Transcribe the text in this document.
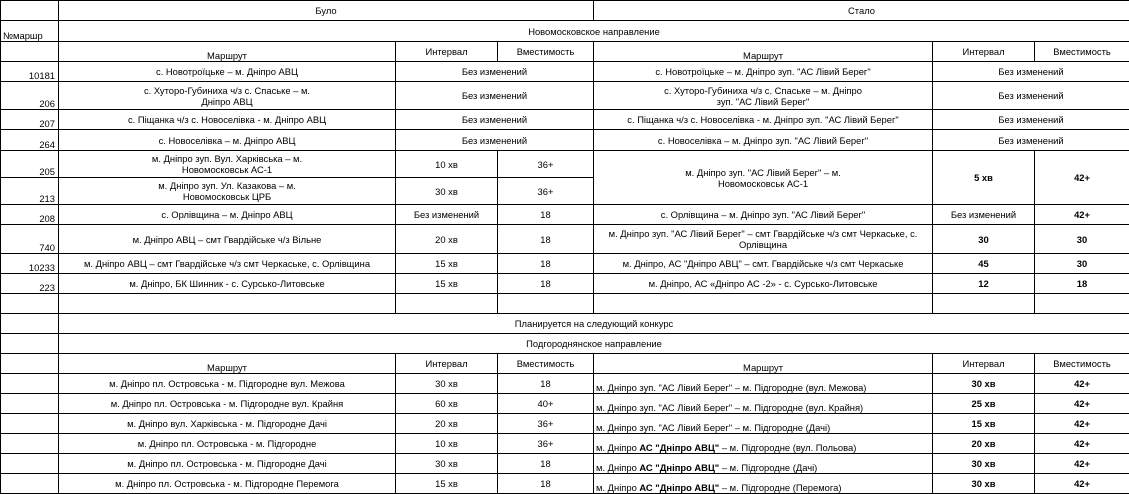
	Було			Стало		
№маршр	Новомосковское направление					
	Маршрут	Интервал	Вместимость	Маршрут	Интервал	Вместимость
10181	с. Новотроїцьке – м. Дніпро АВЦ	Без изменений		с. Новотроїцьке – м. Дніпро зуп. "АС Лівий Берег"	Без изменений	
206	с. Хуторо-Губиниха ч/з с. Спаське – м. Дніпро АВЦ	Без изменений		с. Хуторо-Губиниха ч/з с. Спаське – м. Дніпро зуп. "АС Лівий Берег"	Без изменений	
207	с. Піщанка ч/з с. Новоселівка - м. Дніпро АВЦ	Без изменений		с. Піщанка ч/з с. Новоселівка - м. Дніпро зуп. "АС Лівий Берег"	Без изменений	
264	с. Новоселівка – м. Дніпро АВЦ	Без изменений		с. Новоселівка – м. Дніпро зуп. "АС Лівий Берег"	Без изменений	
205	м. Дніпро зуп. Вул. Харківська – м. Новомосковськ АС-1	10 хв	36+	м. Дніпро зуп. "АС Лівий Берег" – м. Новомосковськ АС-1	5 хв	42+
213	м. Дніпро зуп. Ул. Казакова – м. Новомосковськ ЦРБ	30 хв	36+			
208	с. Орлівщина – м. Дніпро АВЦ	Без изменений	18	с. Орлівщина – м. Дніпро зуп. "АС Лівий Берег"	Без изменений	42+
740	м. Дніпро АВЦ – смт Гвардійське ч/з Вільне	20 хв	18	м. Дніпро зуп. "АС Лівий Берег" – смт Гвардійське ч/з смт Черкаське, с. Орлівщина	30	30
10233	м. Дніпро АВЦ – смт Гвардійське ч/з смт Черкаське, с. Орлівщина	15 хв	18	м. Дніпро, АС "Дніпро АВЦ" – смт. Гвардійське ч/з смт Черкаське	45	30
223	м. Дніпро, БК Шинник - с. Сурсько-Литовське	15 хв	18	м. Дніпро, АС «Дніпро АС -2» - с. Сурсько-Литовське	12	18

	Планируется на следующий конкурс					
	Подгороднянское направление					
	Маршрут	Интервал	Вместимость	Маршрут	Интервал	Вместимость
	м. Дніпро пл. Островська - м. Підгородне вул. Межова	30 хв	18	м. Дніпро зуп. "АС Лівий Берег" – м. Підгородне (вул. Межова)	30 хв	42+
	м. Дніпро пл. Островська - м. Підгородне вул. Крайня	60 хв	40+	м. Дніпро зуп. "АС Лівий Берег" – м. Підгородне (вул. Крайня)	25 хв	42+
	м. Дніпро вул. Харківська - м. Підгородне Дачі	20 хв	36+	м. Дніпро зуп. "АС Лівий Берег" – м. Підгородне (Дачі)	15 хв	42+
	м. Дніпро пл. Островська - м. Підгородне	10 хв	36+	м. Дніпро АС "Дніпро АВЦ" – м. Підгородне (вул. Польова)	20 хв	42+
	м. Дніпро пл. Островська - м. Підгородне Дачі	30 хв	18	м. Дніпро АС "Дніпро АВЦ" – м. Підгородне (Дачі)	30 хв	42+
	м. Дніпро пл. Островська - м. Підгородне Перемога	15 хв	18	м. Дніпро АС "Дніпро АВЦ" – м. Підгородне (Перемога)	30 хв	42+
